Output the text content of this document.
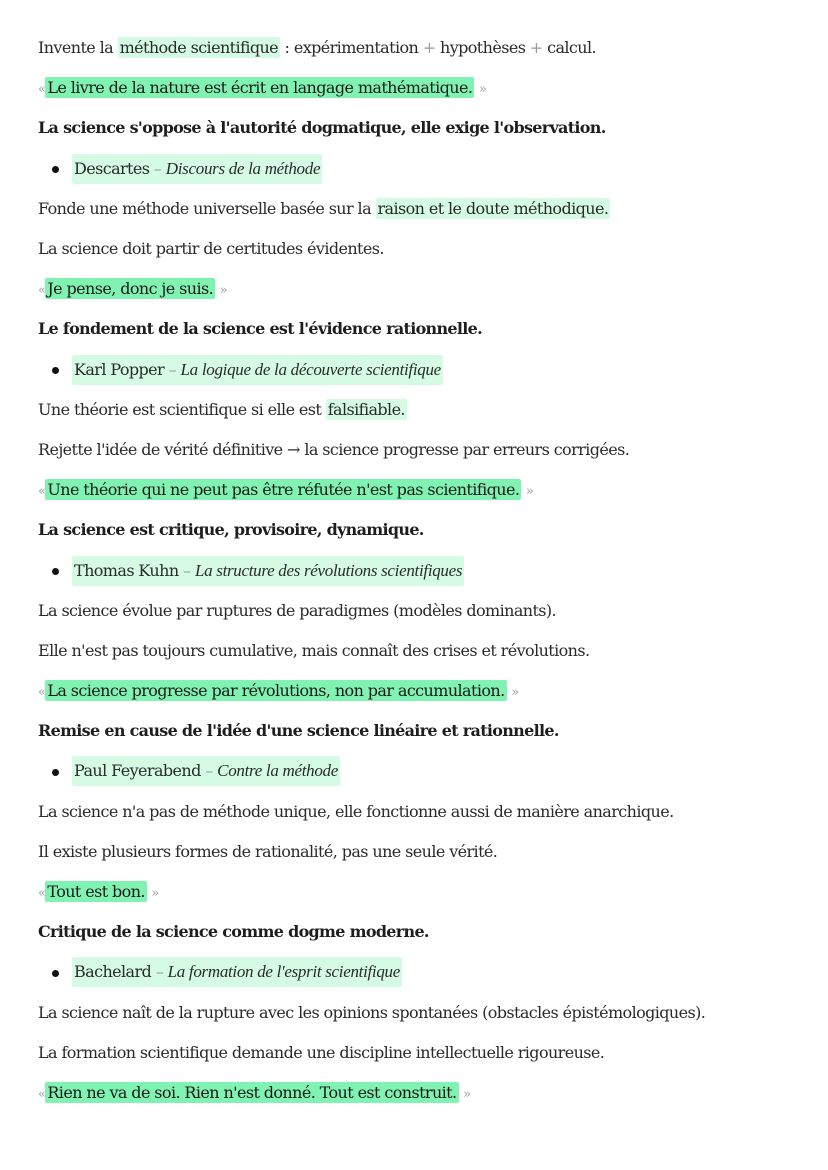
Invente la méthode scientifique : expérimentation + hypothèses + calcul.
« Le livre de la nature est écrit en langage mathématique. »
La science s'oppose à l'autorité dogmatique, elle exige l'observation.
Descartes – Discours de la méthode
Fonde une méthode universelle basée sur la raison et le doute méthodique.
La science doit partir de certitudes évidentes.
« Je pense, donc je suis. »
Le fondement de la science est l'évidence rationnelle.
Karl Popper – La logique de la découverte scientifique
Une théorie est scientifique si elle est falsifiable.
Rejette l'idée de vérité définitive → la science progresse par erreurs corrigées.
« Une théorie qui ne peut pas être réfutée n'est pas scientifique. »
La science est critique, provisoire, dynamique.
Thomas Kuhn – La structure des révolutions scientifiques
La science évolue par ruptures de paradigmes (modèles dominants).
Elle n'est pas toujours cumulative, mais connaît des crises et révolutions.
« La science progresse par révolutions, non par accumulation. »
Remise en cause de l'idée d'une science linéaire et rationnelle.
Paul Feyerabend – Contre la méthode
La science n'a pas de méthode unique, elle fonctionne aussi de manière anarchique.
Il existe plusieurs formes de rationalité, pas une seule vérité.
« Tout est bon. »
Critique de la science comme dogme moderne.
Bachelard – La formation de l'esprit scientifique
La science naît de la rupture avec les opinions spontanées (obstacles épistémologiques).
La formation scientifique demande une discipline intellectuelle rigoureuse.
« Rien ne va de soi. Rien n'est donné. Tout est construit. »
